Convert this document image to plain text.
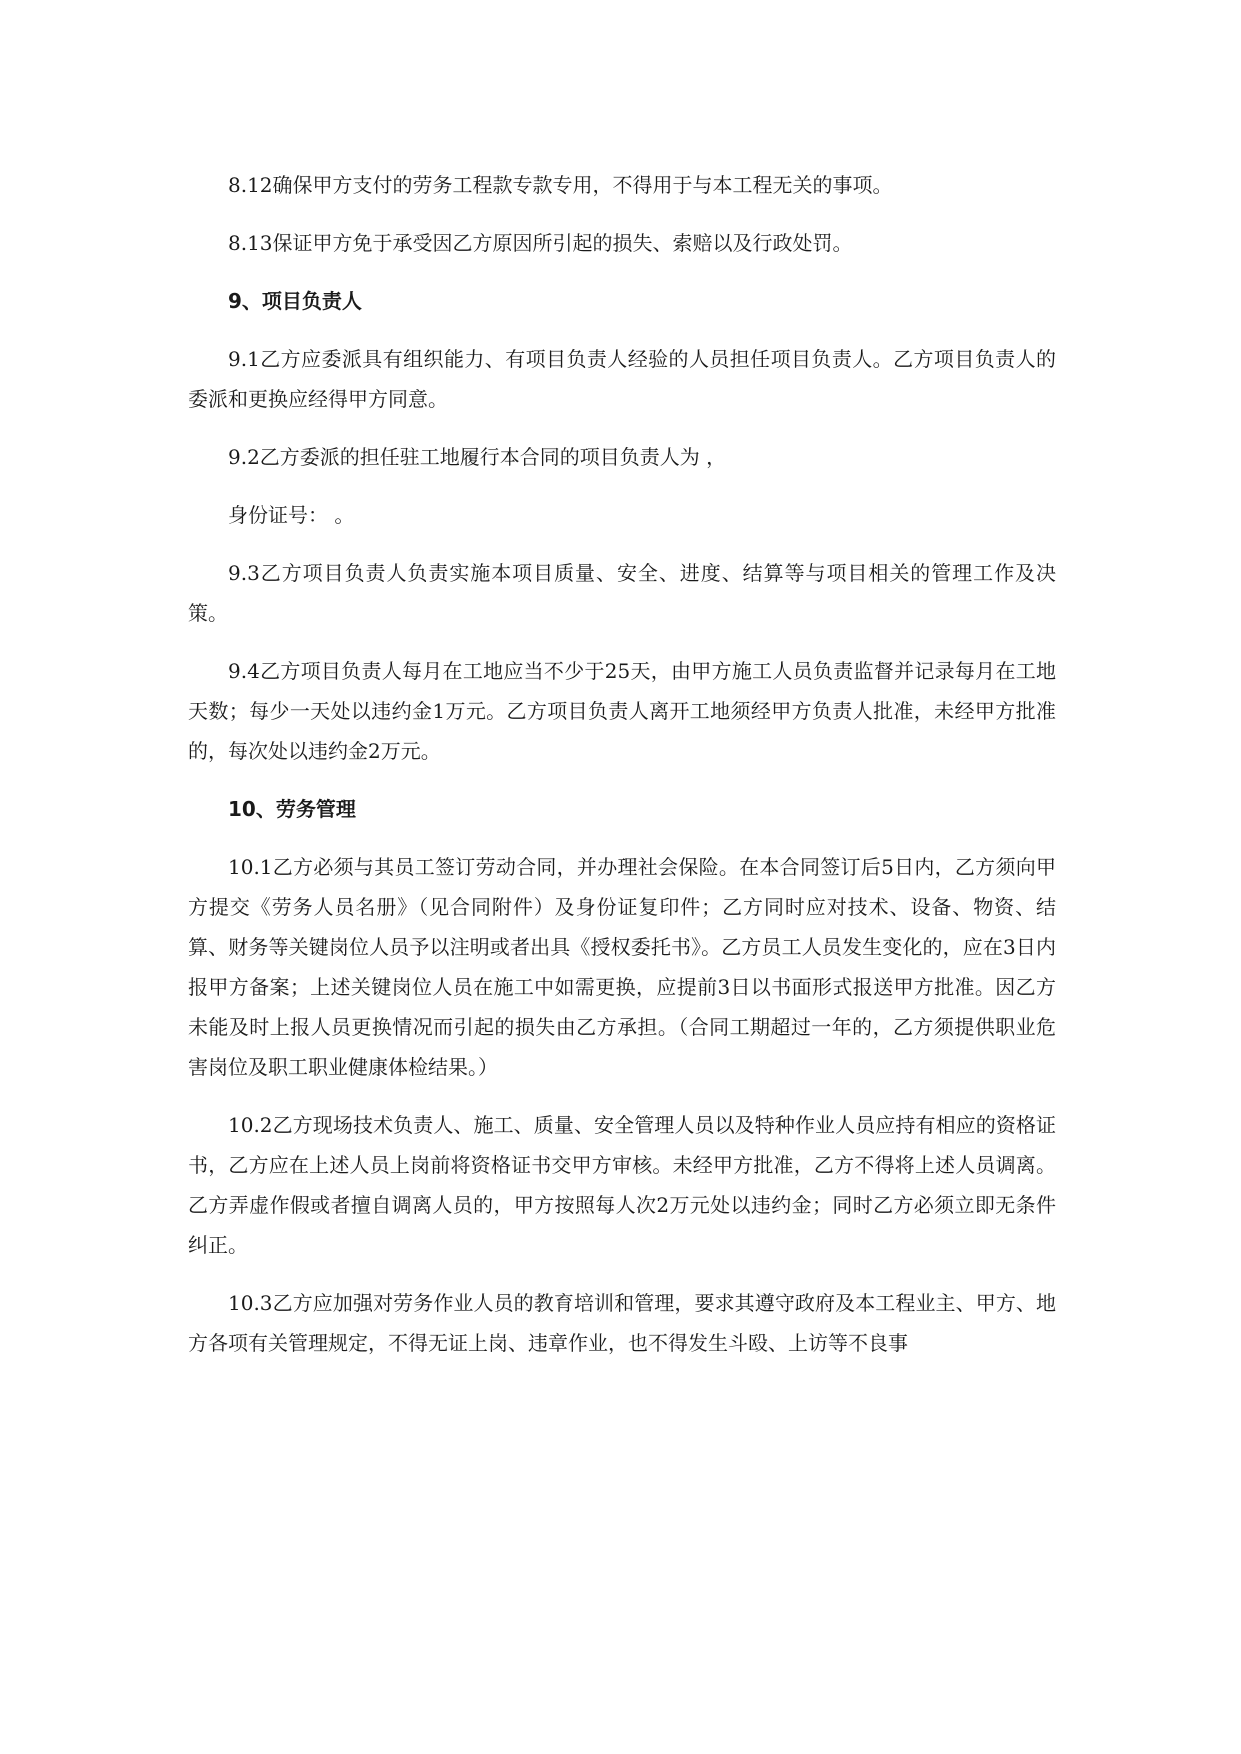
8.12确保甲方支付的劳务工程款专款专用，不得用于与本工程无关的事项。

8.13保证甲方免于承受因乙方原因所引起的损失、索赔以及行政处罚。

9、项目负责人

9.1乙方应委派具有组织能力、有项目负责人经验的人员担任项目负责人。乙方项目负责人的委派和更换应经得甲方同意。

9.2乙方委派的担任驻工地履行本合同的项目负责人为 ，

身份证号： 。

9.3乙方项目负责人负责实施本项目质量、安全、进度、结算等与项目相关的管理工作及决策。

9.4乙方项目负责人每月在工地应当不少于25天，由甲方施工人员负责监督并记录每月在工地天数；每少一天处以违约金1万元。乙方项目负责人离开工地须经甲方负责人批准，未经甲方批准的，每次处以违约金2万元。

10、劳务管理

10.1乙方必须与其员工签订劳动合同，并办理社会保险。在本合同签订后5日内，乙方须向甲方提交《劳务人员名册》（见合同附件）及身份证复印件；乙方同时应对技术、设备、物资、结算、财务等关键岗位人员予以注明或者出具《授权委托书》。乙方员工人员发生变化的，应在3日内报甲方备案；上述关键岗位人员在施工中如需更换，应提前3日以书面形式报送甲方批准。因乙方未能及时上报人员更换情况而引起的损失由乙方承担。（合同工期超过一年的，乙方须提供职业危害岗位及职工职业健康体检结果。）

10.2乙方现场技术负责人、施工、质量、安全管理人员以及特种作业人员应持有相应的资格证书，乙方应在上述人员上岗前将资格证书交甲方审核。未经甲方批准，乙方不得将上述人员调离。乙方弄虚作假或者擅自调离人员的，甲方按照每人次2万元处以违约金；同时乙方必须立即无条件纠正。

10.3乙方应加强对劳务作业人员的教育培训和管理，要求其遵守政府及本工程业主、甲方、地方各项有关管理规定，不得无证上岗、违章作业，也不得发生斗殴、上访等不良事
